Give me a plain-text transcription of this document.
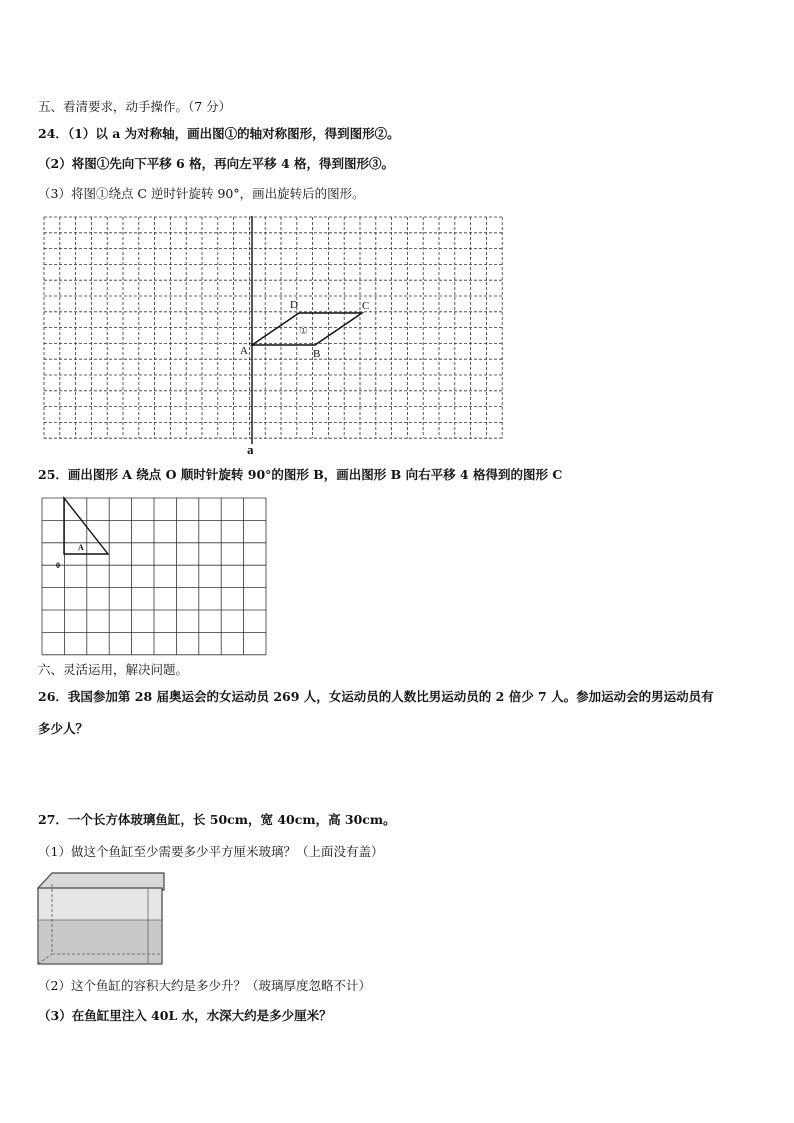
五、看清要求，动手操作。（7 分）
24．（1）以 a 为对称轴，画出图①的轴对称图形，得到图形②。
（2）将图①先向下平移 6 格，再向左平移 4 格，得到图形③。
（3）将图①绕点 C 逆时针旋转 90°，画出旋转后的图形。
A	B
C
D
①
a
25．画出图形 A 绕点 O 顺时针旋转 90°的图形 B，画出图形 B 向右平移 4 格得到的图形 C
A
0
六、灵活运用，解决问题。
26．我国参加第 28 届奥运会的女运动员 269 人，女运动员的人数比男运动员的 2 倍少 7 人。参加运动会的男运动员有
多少人？
27．一个长方体玻璃鱼缸，长 50cm，宽 40cm，高 30cm。
（1）做这个鱼缸至少需要多少平方厘米玻璃？（上面没有盖）
（2）这个鱼缸的容积大约是多少升？（玻璃厚度忽略不计）
（3）在鱼缸里注入 40L 水，水深大约是多少厘米？
